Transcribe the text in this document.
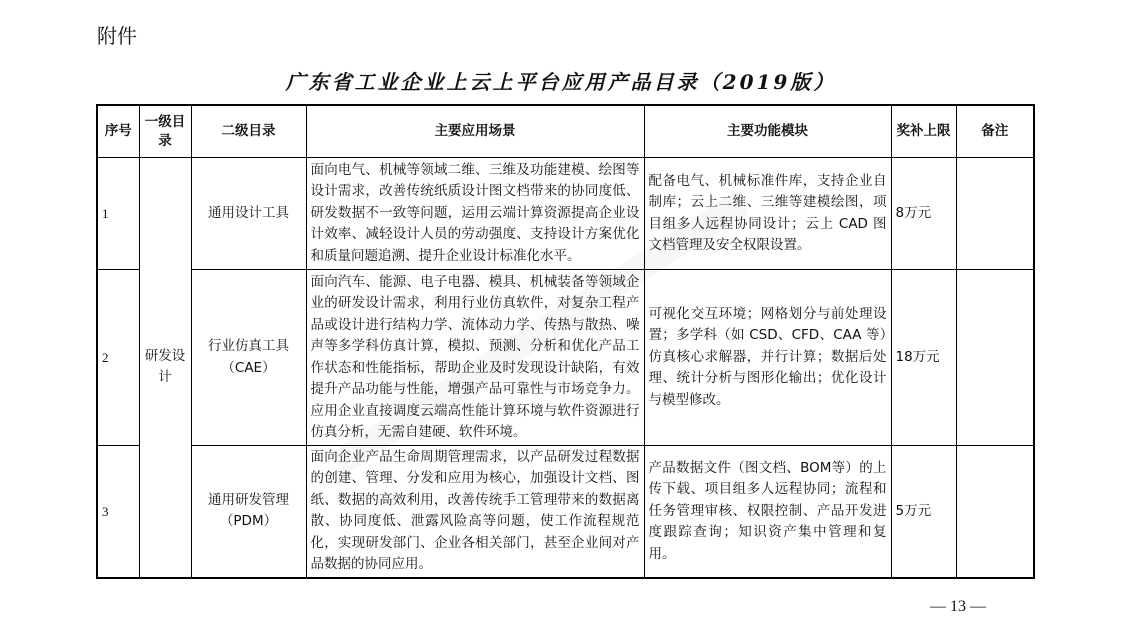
附件
广东省工业企业上云上平台应用产品目录（2019版）
序号	一级目录	二级目录	主要应用场景	主要功能模块	奖补上限	备注
1	研发设计	通用设计工具	面向电气、机械等领域二维、三维及功能建模、绘图等设计需求，改善传统纸质设计图文档带来的协同度低、研发数据不一致等问题，运用云端计算资源提高企业设计效率、减轻设计人员的劳动强度、支持设计方案优化和质量问题追溯、提升企业设计标准化水平。	配备电气、机械标准件库，支持企业自制库；云上二维、三维等建模绘图，项目组多人远程协同设计；云上 CAD 图文档管理及安全权限设置。	8万元	
2		行业仿真工具（CAE）	面向汽车、能源、电子电器、模具、机械装备等领域企业的研发设计需求，利用行业仿真软件，对复杂工程产品或设计进行结构力学、流体动力学、传热与散热、噪声等多学科仿真计算，模拟、预测、分析和优化产品工作状态和性能指标，帮助企业及时发现设计缺陷，有效提升产品功能与性能，增强产品可靠性与市场竞争力。应用企业直接调度云端高性能计算环境与软件资源进行仿真分析，无需自建硬、软件环境。	可视化交互环境；网格划分与前处理设置；多学科（如 CSD、CFD、CAA 等）仿真核心求解器，并行计算；数据后处理、统计分析与图形化输出；优化设计与模型修改。	18万元	
3		通用研发管理（PDM）	面向企业产品生命周期管理需求，以产品研发过程数据的创建、管理、分发和应用为核心，加强设计文档、图纸、数据的高效利用，改善传统手工管理带来的数据离散、协同度低、泄露风险高等问题，使工作流程规范化，实现研发部门、企业各相关部门，甚至企业间对产品数据的协同应用。	产品数据文件（图文档、BOM等）的上传下载、项目组多人远程协同；流程和任务管理审核、权限控制、产品开发进度跟踪查询；知识资产集中管理和复用。	5万元	
— 13 —
